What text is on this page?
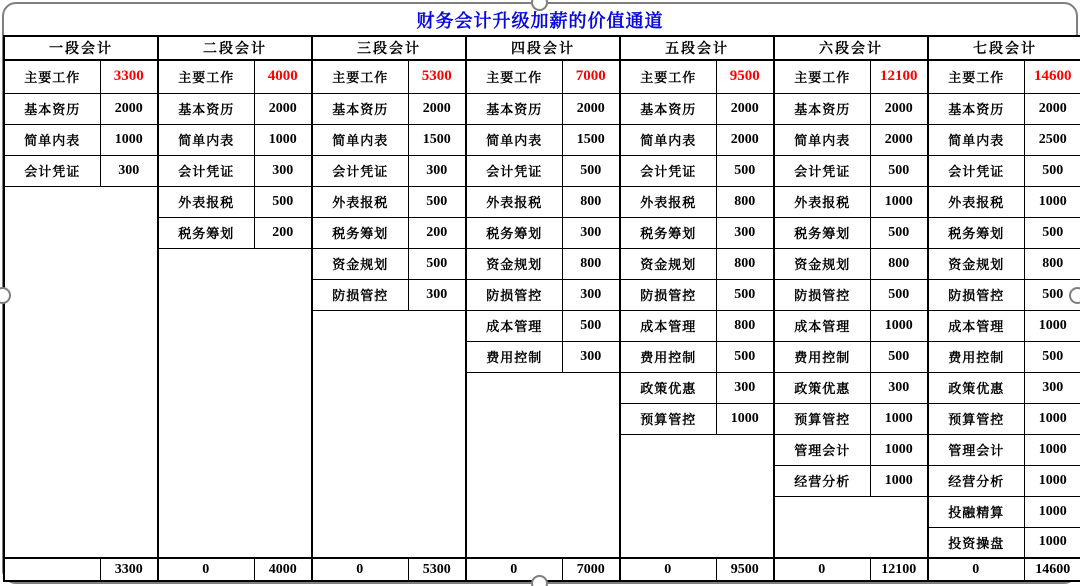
财务会计升级加薪的价值通道
一段会计		二段会计		三段会计		四段会计		五段会计		六段会计		七段会计	
主要工作	3300	主要工作	4000	主要工作	5300	主要工作	7000	主要工作	9500	主要工作	12100	主要工作	14600
基本资历	2000	基本资历	2000	基本资历	2000	基本资历	2000	基本资历	2000	基本资历	2000	基本资历	2000
简单内表	1000	简单内表	1000	简单内表	1500	简单内表	1500	简单内表	2000	简单内表	2000	简单内表	2500
会计凭证	300	会计凭证	300	会计凭证	300	会计凭证	500	会计凭证	500	会计凭证	500	会计凭证	500
		外表报税	500	外表报税	500	外表报税	800	外表报税	800	外表报税	1000	外表报税	1000
		税务筹划	200	税务筹划	200	税务筹划	300	税务筹划	300	税务筹划	500	税务筹划	500
				资金规划	500	资金规划	800	资金规划	800	资金规划	800	资金规划	800
				防损管控	300	防损管控	300	防损管控	500	防损管控	500	防损管控	500
						成本管理	500	成本管理	800	成本管理	1000	成本管理	1000
						费用控制	300	费用控制	500	费用控制	500	费用控制	500
								政策优惠	300	政策优惠	300	政策优惠	300
								预算管控	1000	预算管控	1000	预算管控	1000
										管理会计	1000	管理会计	1000
										经营分析	1000	经营分析	1000
												投融精算	1000
												投资操盘	1000
	3300	0	4000	0	5300	0	7000	0	9500	0	12100	0	14600
